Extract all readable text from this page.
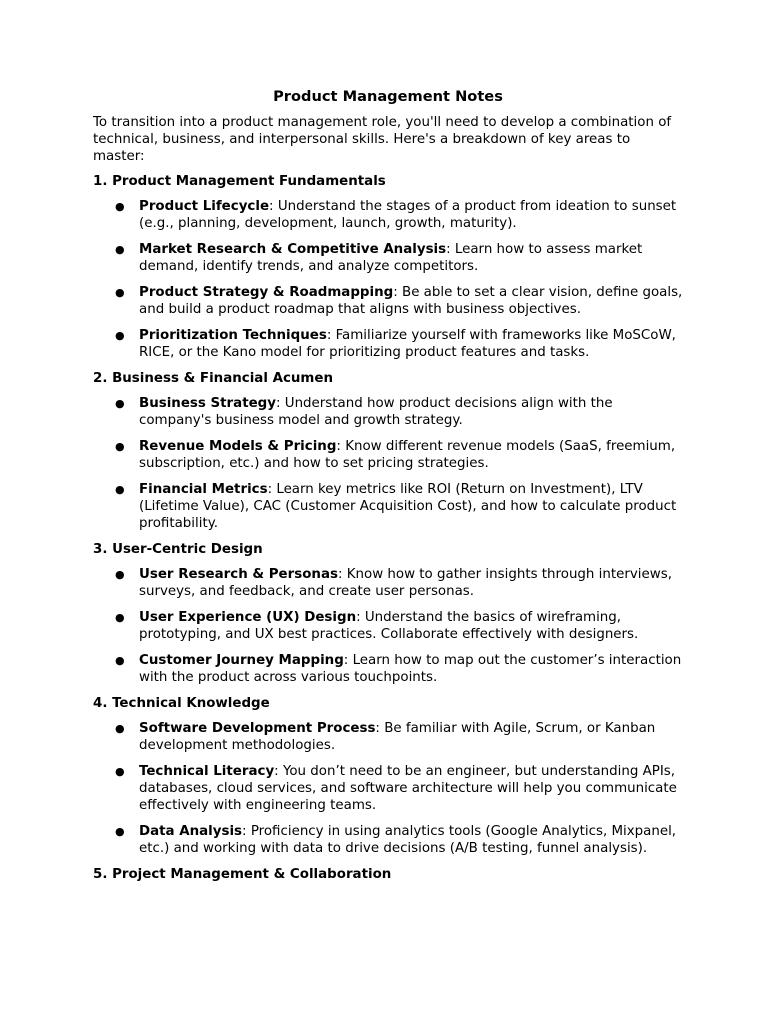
Product Management Notes
To transition into a product management role, you'll need to develop a combination of technical, business, and interpersonal skills. Here's a breakdown of key areas to master:
1. Product Management Fundamentals
● Product Lifecycle: Understand the stages of a product from ideation to sunset (e.g., planning, development, launch, growth, maturity).
● Market Research & Competitive Analysis: Learn how to assess market demand, identify trends, and analyze competitors.
● Product Strategy & Roadmapping: Be able to set a clear vision, define goals, and build a product roadmap that aligns with business objectives.
● Prioritization Techniques: Familiarize yourself with frameworks like MoSCoW, RICE, or the Kano model for prioritizing product features and tasks.
2. Business & Financial Acumen
● Business Strategy: Understand how product decisions align with the company's business model and growth strategy.
● Revenue Models & Pricing: Know different revenue models (SaaS, freemium, subscription, etc.) and how to set pricing strategies.
● Financial Metrics: Learn key metrics like ROI (Return on Investment), LTV (Lifetime Value), CAC (Customer Acquisition Cost), and how to calculate product profitability.
3. User-Centric Design
● User Research & Personas: Know how to gather insights through interviews, surveys, and feedback, and create user personas.
● User Experience (UX) Design: Understand the basics of wireframing, prototyping, and UX best practices. Collaborate effectively with designers.
● Customer Journey Mapping: Learn how to map out the customer’s interaction with the product across various touchpoints.
4. Technical Knowledge
● Software Development Process: Be familiar with Agile, Scrum, or Kanban development methodologies.
● Technical Literacy: You don’t need to be an engineer, but understanding APIs, databases, cloud services, and software architecture will help you communicate effectively with engineering teams.
● Data Analysis: Proficiency in using analytics tools (Google Analytics, Mixpanel, etc.) and working with data to drive decisions (A/B testing, funnel analysis).
5. Project Management & Collaboration
